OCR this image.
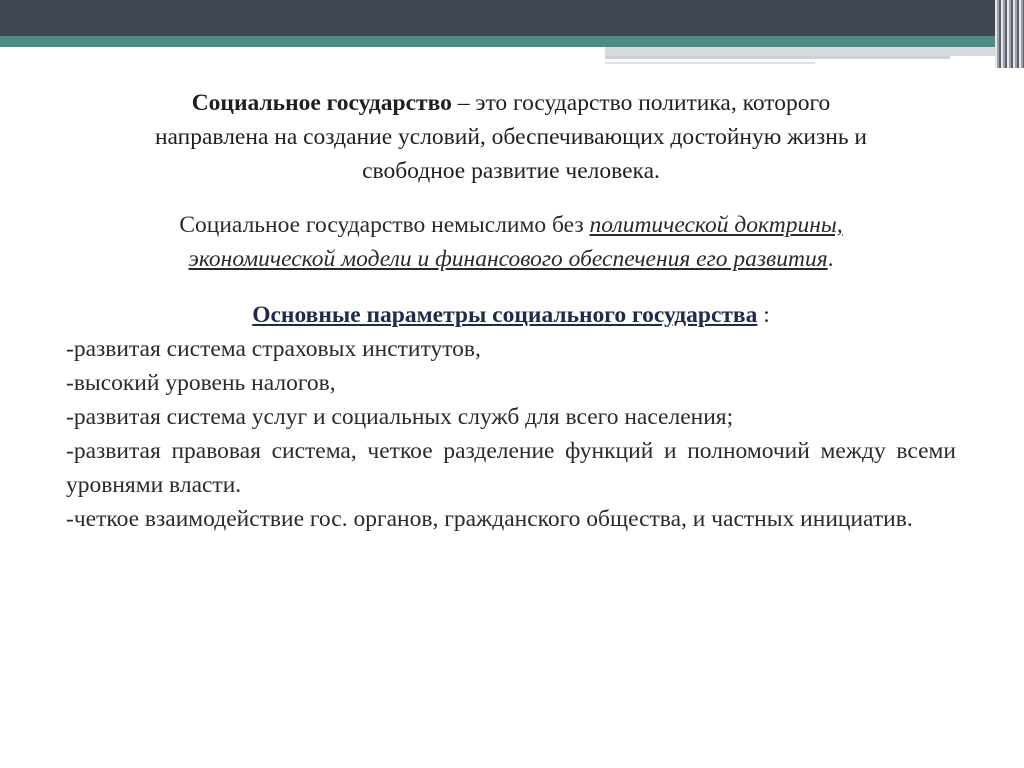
Социальное государство – это государство политика, которого
направлена на создание условий, обеспечивающих достойную жизнь и
свободное развитие человека.

Социальное государство немыслимо без политической доктрины,
экономической модели и финансового обеспечения его развития.

Основные параметры социального государства :

-развитая система страховых институтов,
-высокий уровень налогов,
-развитая система услуг и социальных служб для всего населения;
-развитая правовая система, четкое разделение функций и полномочий между всеми уровнями власти.
-четкое взаимодействие гос. органов, гражданского общества, и частных инициатив.
